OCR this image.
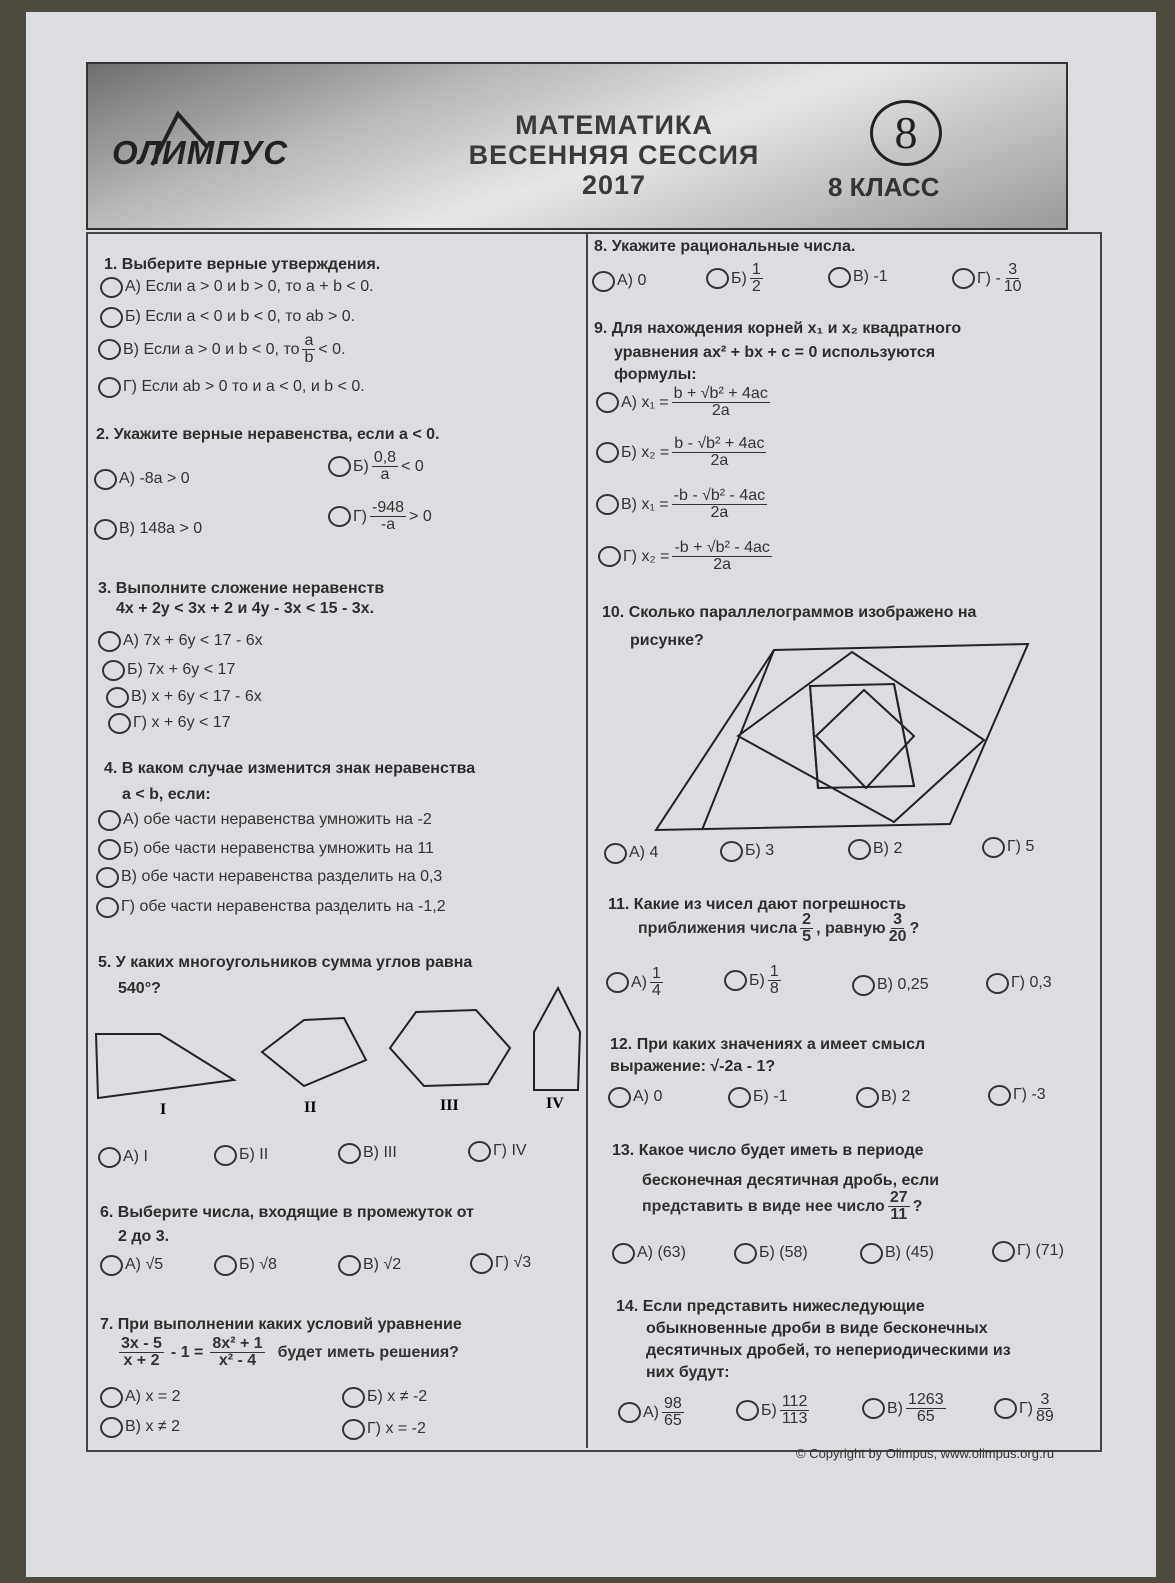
ОЛИМПУС
МАТЕМАТИКА
ВЕСЕННЯЯ СЕССИЯ
2017
8
8 КЛАСС
1. Выберите верные утверждения.
А) Если a > 0 и b > 0, то a + b < 0.
Б) Если a < 0 и b < 0, то ab > 0.
В) Если a > 0 и b < 0, то a
b < 0.
Г) Если ab > 0 то и a < 0, и b < 0.
2. Укажите верные неравенства, если a < 0.
А) -8a > 0
Б) 0,8
a < 0
В) 148a > 0
Г) -948
-a > 0
3. Выполните сложение неравенств
4x + 2y < 3x + 2 и 4y - 3x < 15 - 3x.
А) 7x + 6y < 17 - 6x
Б) 7x + 6y < 17
В) x + 6y < 17 - 6x
Г) x + 6y < 17
4. В каком случае изменится знак неравенства
a < b, если:
А) обе части неравенства умножить на -2
Б) обе части неравенства умножить на 11
В) обе части неравенства разделить на 0,3
Г) обе части неравенства разделить на -1,2
5. У каких многоугольников сумма углов равна
540°?
I	II	III	IV
А) I	Б) II	В) III	Г) IV
6. Выберите числа, входящие в промежуток от
2 до 3.
А) √5	Б) √8	В) √2	Г) √3
7. При выполнении каких условий уравнение
3x - 5
$x + 2 - 1 = \frac{\text{8x² + 1}}{\text{x² - 4}}$ будет иметь решения?
А) x = 2	Б) x ≠ -2
В) x ≠ 2	Г) x = -2
8. Укажите рациональные числа.
А) 0	Б) 1
2
В) -1	Г) - 3
10
9. Для нахождения корней x₁ и x₂ квадратного
уравнения ax² + bx + c = 0 используются
формулы:
А) $x_1 = \frac{\text{b + √b² + 4ac}}{2a}$
Б) $x_2 = \frac{\text{b - √b² + 4ac}}{2a}$
В) $x_1 = \frac{\text{-b - √b² - 4ac}}{2a}$
Г) $x_2 = \frac{\text{-b + √b² - 4ac}}{2a}$
10. Сколько параллелограммов изображено на
рисунке?
А) 4	Б) 3	В) 2	Г) 5
11. Какие из чисел дают погрешность
приближения числа 2
5 , равную 3
20 ?
А) 1
4
Б) 1
8	В) 0,25	Г) 0,3
12. При каких значениях a имеет смысл
выражение: √-2a - 1?
А) 0	Б) -1	В) 2	Г) -3
13. Какое число будет иметь в периоде
бесконечная десятичная дробь, если
представить в виде нее число 27
11 ?
А) (63)	Б) (58)	В) (45)	Г) (71)
14. Если представить нижеследующие
обыкновенные дроби в виде бесконечных
десятичных дробей, то непериодическими из
них будут:
А) 98
65
Б) 112
113
В) 1263
65	Г) 3
89
© Copyright by Olimpus, www.olimpus.org.ru
